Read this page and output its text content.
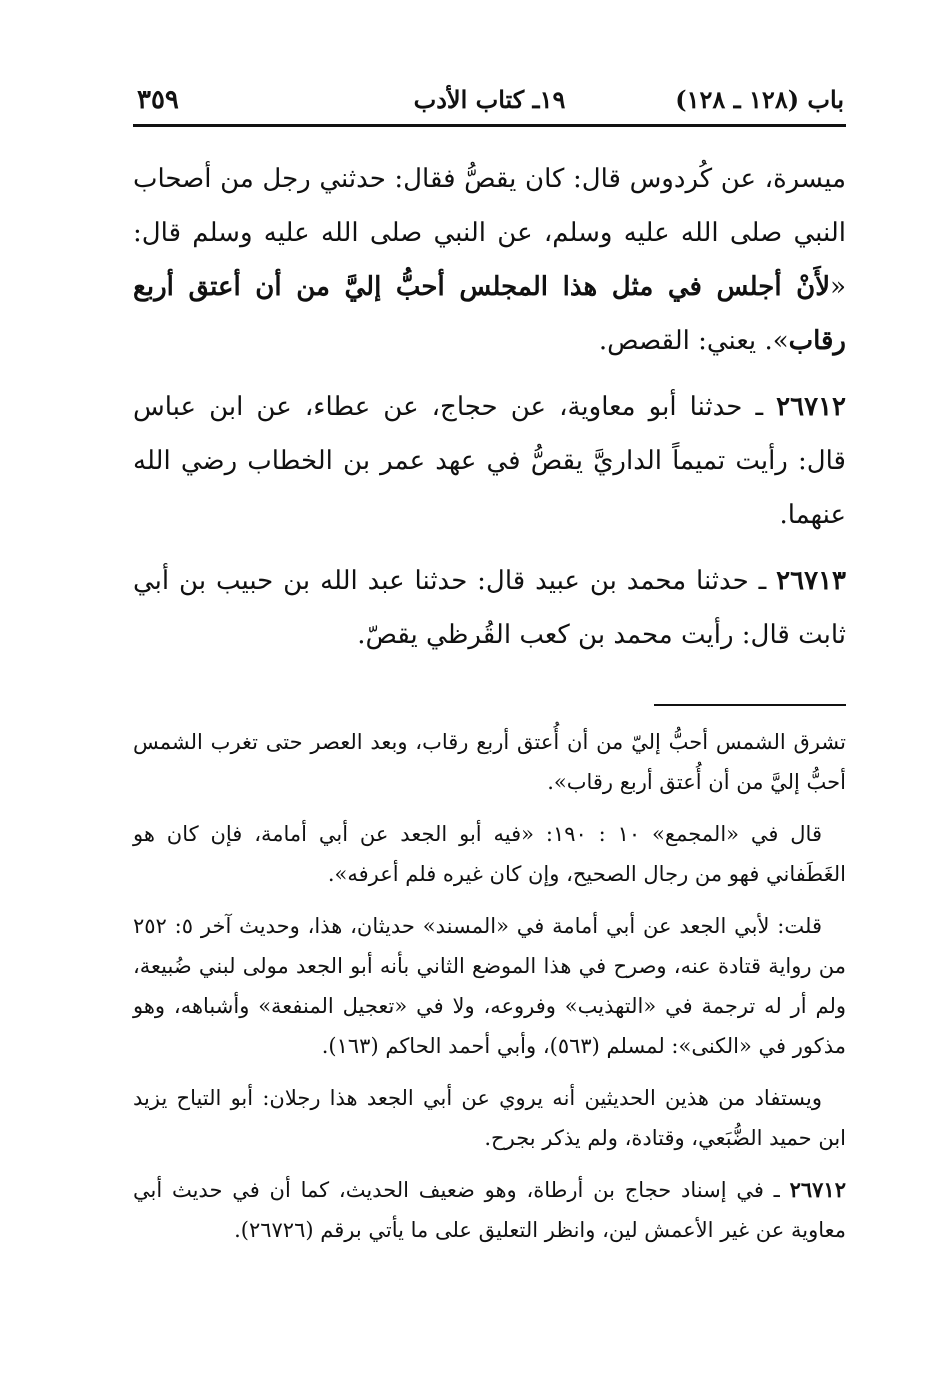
باب (١٢٨ ـ ١٢٨)
١٩ـ كتاب الأدب
٣٥٩

ميسرة، عن كُردوس قال: كان يقصُّ فقال: حدثني رجل من أصحاب النبي صلى الله عليه وسلم، عن النبي صلى الله عليه وسلم قال: «لأَنْ أجلس في مثل هذا المجلس أحبُّ إليَّ من أن أعتق أربع رقاب». يعني: القصص.

٢٦٧١٢ ـ حدثنا أبو معاوية، عن حجاج، عن عطاء، عن ابن عباس قال: رأيت تميماً الداريَّ يقصُّ في عهد عمر بن الخطاب رضي الله عنهما.

٢٦٧١٣ ـ حدثنا محمد بن عبيد قال: حدثنا عبد الله بن حبيب بن أبي ثابت قال: رأيت محمد بن كعب القُرظي يقصّ.

تشرق الشمس أحبُّ إليّ من أن أُعتق أربع رقاب، وبعد العصر حتى تغرب الشمس أحبُّ إليَّ من أن أُعتق أربع رقاب».

قال في «المجمع» ١٠ : ١٩٠: «فيه أبو الجعد عن أبي أمامة، فإن كان هو الغَطَفاني فهو من رجال الصحيح، وإن كان غيره فلم أعرفه».

قلت: لأبي الجعد عن أبي أمامة في «المسند» حديثان، هذا، وحديث آخر ٥: ٢٥٢ من رواية قتادة عنه، وصرح في هذا الموضع الثاني بأنه أبو الجعد مولى لبني ضُبيعة، ولم أر له ترجمة في «التهذيب» وفروعه، ولا في «تعجيل المنفعة» وأشباهه، وهو مذكور في «الكنى»: لمسلم (٥٦٣)، وأبي أحمد الحاكم (١٦٣).

ويستفاد من هذين الحديثين أنه يروي عن أبي الجعد هذا رجلان: أبو التياح يزيد ابن حميد الضُّبَعي، وقتادة، ولم يذكر بجرح.

٢٦٧١٢ ـ في إسناد حجاج بن أرطاة، وهو ضعيف الحديث، كما أن في حديث أبي معاوية عن غير الأعمش لين، وانظر التعليق على ما يأتي برقم (٢٦٧٢٦).
